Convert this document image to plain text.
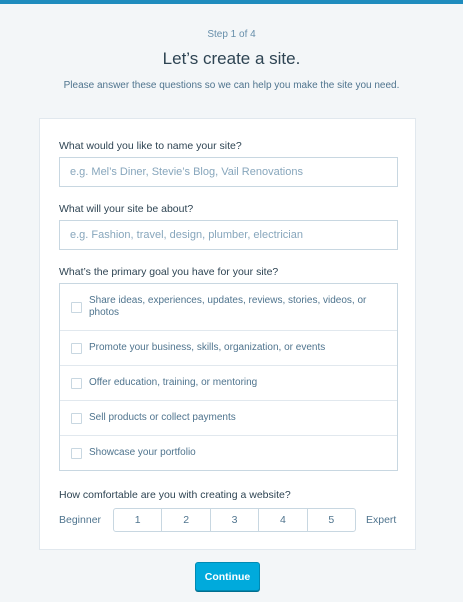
Step 1 of 4
Let’s create a site.
Please answer these questions so we can help you make the site you need.
What would you like to name your site?
e.g. Mel’s Diner, Stevie’s Blog, Vail Renovations
What will your site be about?
e.g. Fashion, travel, design, plumber, electrician
What’s the primary goal you have for your site?
Share ideas, experiences, updates, reviews, stories, videos, or photos
Promote your business, skills, organization, or events
Offer education, training, or mentoring
Sell products or collect payments
Showcase your portfolio
How comfortable are you with creating a website?
Beginner	1	2	3	4	5	Expert
Continue
